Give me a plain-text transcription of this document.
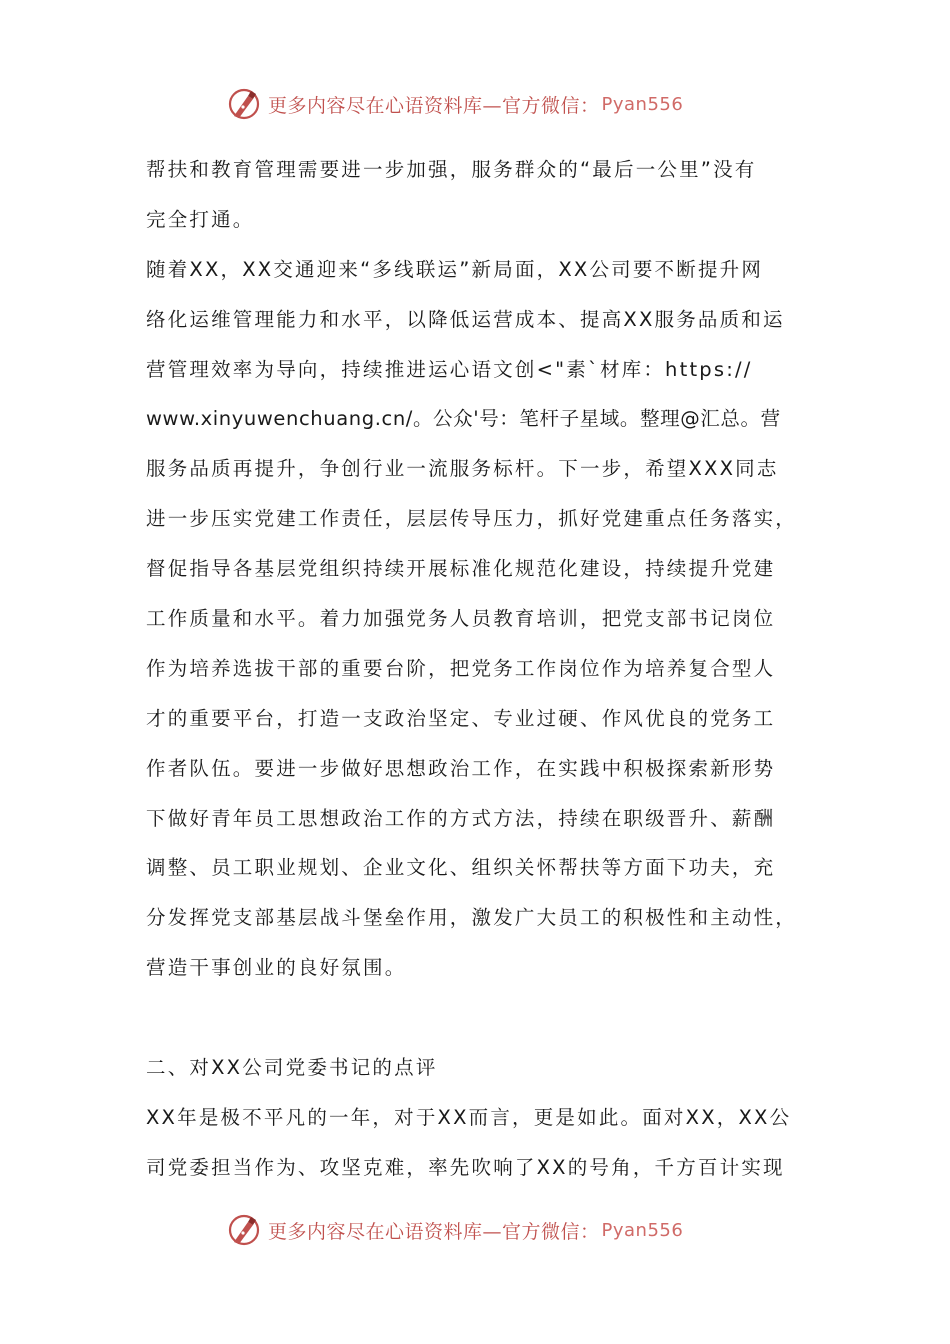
更多内容尽在心语资料库—官方微信： Pyan556
帮扶和教育管理需要进一步加强，服务群众的“最后一公里”没有
完全打通。
随着XX，XX交通迎来“多线联运”新局面，XX公司要不断提升网
络化运维管理能力和水平，以降低运营成本、提高XX服务品质和运
营管理效率为导向，持续推进运心语文创<"素`材库：https://
www.xinyuwenchuang.cn/。公众'号：笔杆子星域。整理@汇总。营
服务品质再提升，争创行业一流服务标杆。下一步，希望XXX同志
进一步压实党建工作责任，层层传导压力，抓好党建重点任务落实，
督促指导各基层党组织持续开展标准化规范化建设，持续提升党建
工作质量和水平。着力加强党务人员教育培训，把党支部书记岗位
作为培养选拔干部的重要台阶，把党务工作岗位作为培养复合型人
才的重要平台，打造一支政治坚定、专业过硬、作风优良的党务工
作者队伍。要进一步做好思想政治工作，在实践中积极探索新形势
下做好青年员工思想政治工作的方式方法，持续在职级晋升、薪酬
调整、员工职业规划、企业文化、组织关怀帮扶等方面下功夫，充
分发挥党支部基层战斗堡垒作用，激发广大员工的积极性和主动性，
营造干事创业的良好氛围。
二、对XX公司党委书记的点评
XX年是极不平凡的一年，对于XX而言，更是如此。面对XX，XX公
司党委担当作为、攻坚克难，率先吹响了XX的号角，千方百计实现
更多内容尽在心语资料库—官方微信： Pyan556
